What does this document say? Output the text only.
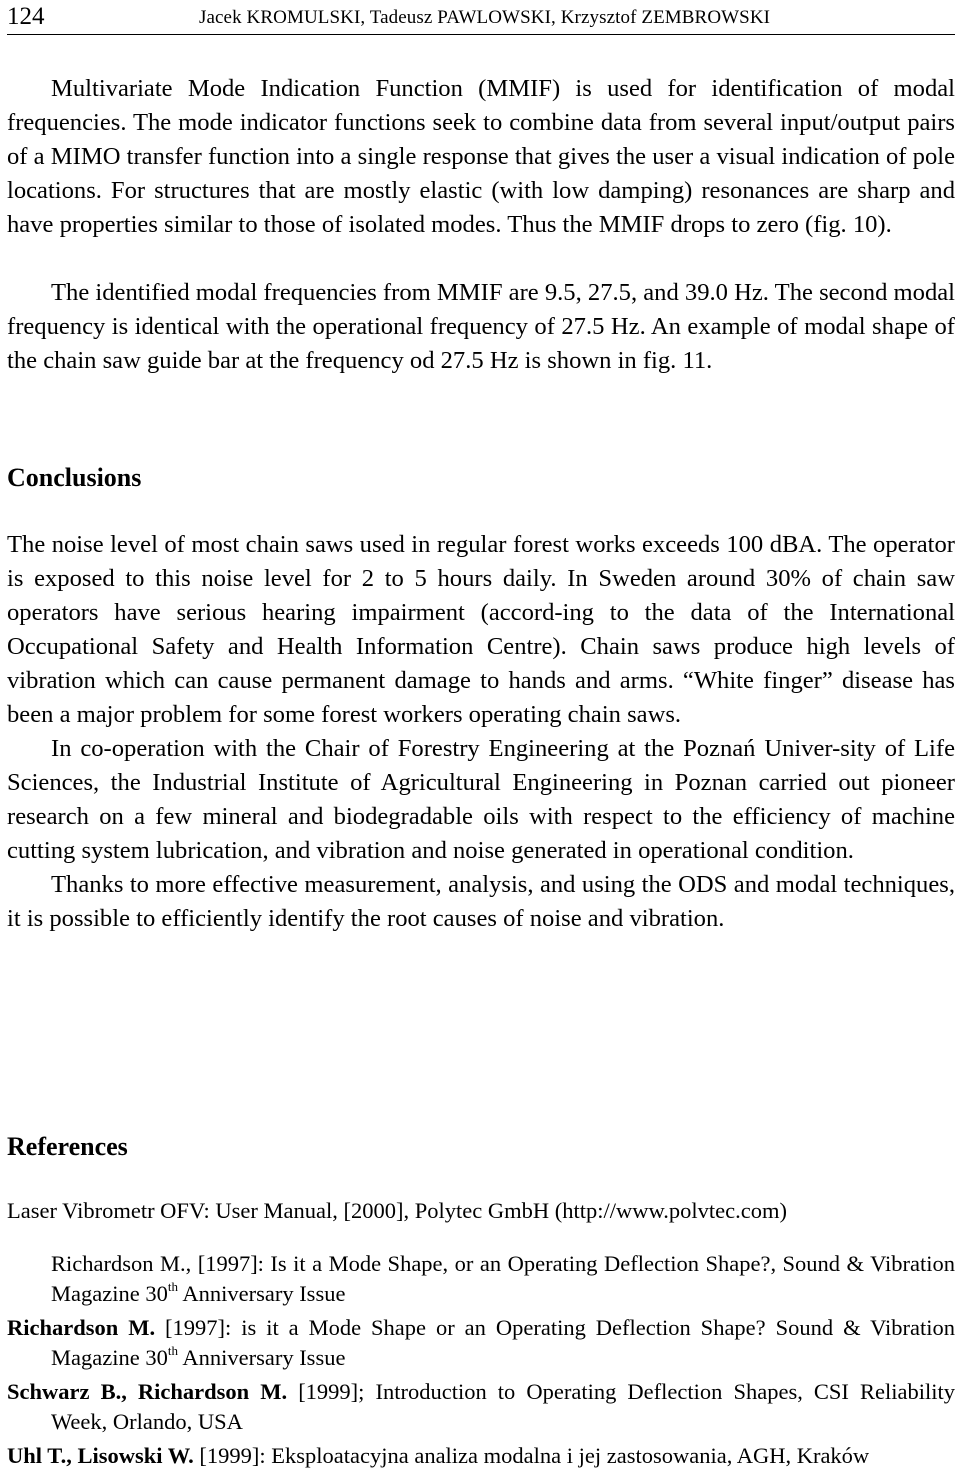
124	Jacek KROMULSKI, Tadeusz PAWLOWSKI, Krzysztof ZEMBROWSKI

Multivariate Mode Indication Function (MMIF) is used for identification of modal frequencies. The mode indicator functions seek to combine data from several input/output pairs of a MIMO transfer function into a single response that gives the user a visual indication of pole locations. For structures that are mostly elastic (with low damping) resonances are sharp and have properties similar to those of isolated modes. Thus the MMIF drops to zero (fig. 10).

The identified modal frequencies from MMIF are 9.5, 27.5, and 39.0 Hz. The second modal frequency is identical with the operational frequency of 27.5 Hz. An example of modal shape of the chain saw guide bar at the frequency od 27.5 Hz is shown in fig. 11.

Conclusions

The noise level of most chain saws used in regular forest works exceeds 100 dBA. The operator is exposed to this noise level for 2 to 5 hours daily. In Sweden around 30% of chain saw operators have serious hearing impairment (accord-ing to the data of the International Occupational Safety and Health Information Centre). Chain saws produce high levels of vibration which can cause permanent damage to hands and arms. “White finger” disease has been a major problem for some forest workers operating chain saws.

In co-operation with the Chair of Forestry Engineering at the Poznań Univer-sity of Life Sciences, the Industrial Institute of Agricultural Engineering in Poznan carried out pioneer research on a few mineral and biodegradable oils with respect to the efficiency of machine cutting system lubrication, and vibration and noise generated in operational condition.

Thanks to more effective measurement, analysis, and using the ODS and modal techniques, it is possible to efficiently identify the root causes of noise and vibration.

References

Laser Vibrometr OFV: User Manual, [2000], Polytec GmbH (http://www.polvtec.com)

Richardson M., [1997]: Is it a Mode Shape, or an Operating Deflection Shape?, Sound & Vibration Magazine 30th Anniversary Issue

Richardson M. [1997]: is it a Mode Shape or an Operating Deflection Shape? Sound & Vibration Magazine 30th Anniversary Issue

Schwarz B., Richardson M. [1999]; Introduction to Operating Deflection Shapes, CSI Reliability Week, Orlando, USA

Uhl T., Lisowski W. [1999]: Eksploatacyjna analiza modalna i jej zastosowania, AGH, Kraków
